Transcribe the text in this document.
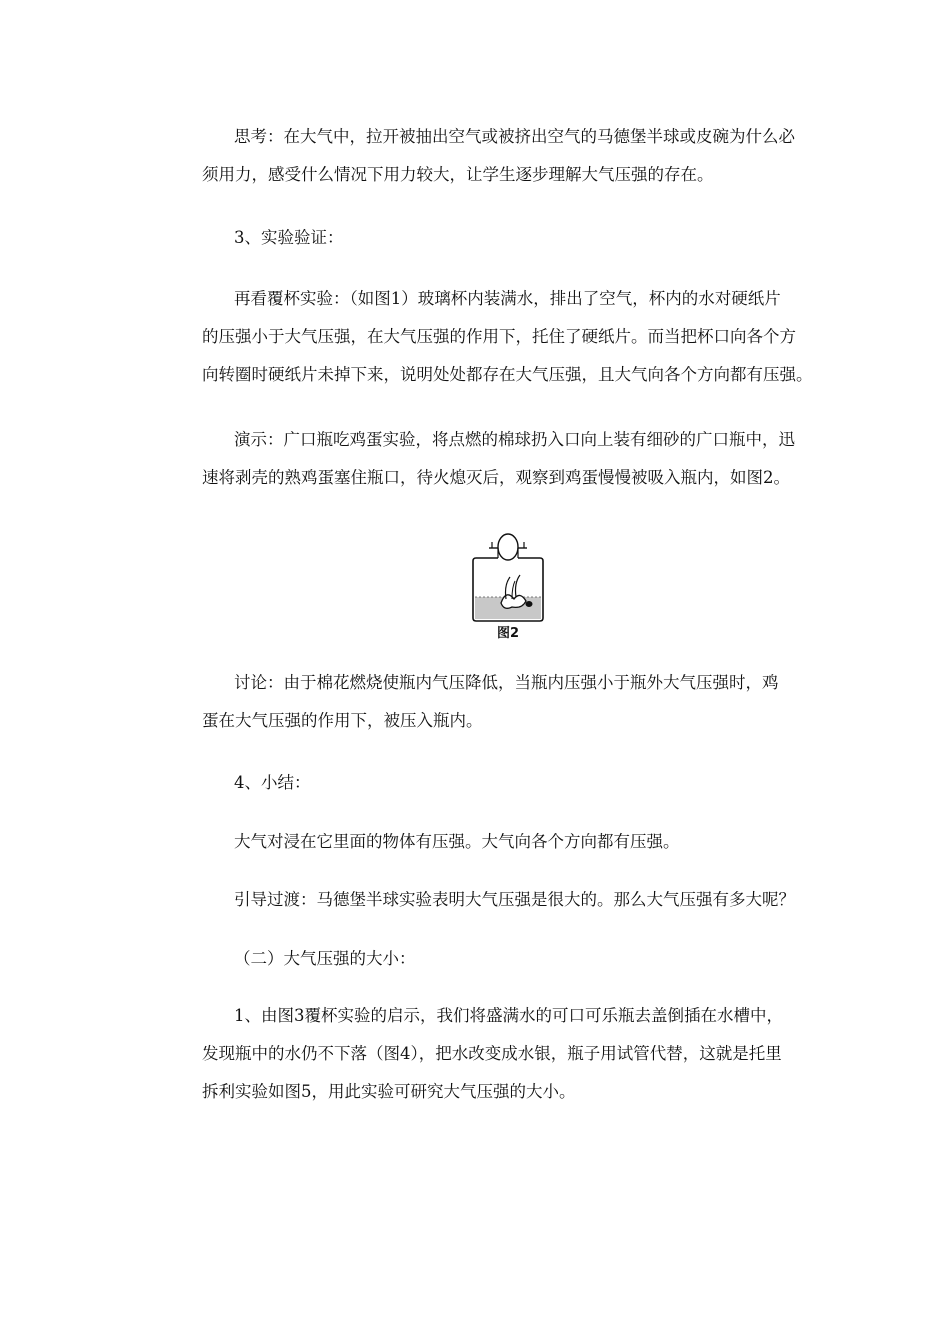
思考：在大气中，拉开被抽出空气或被挤出空气的马德堡半球或皮碗为什么必
须用力，感受什么情况下用力较大，让学生逐步理解大气压强的存在。

3、实验验证：

再看覆杯实验：（如图1）玻璃杯内装满水，排出了空气，杯内的水对硬纸片
的压强小于大气压强，在大气压强的作用下，托住了硬纸片。而当把杯口向各个方
向转圈时硬纸片未掉下来，说明处处都存在大气压强，且大气向各个方向都有压强。

演示：广口瓶吃鸡蛋实验，将点燃的棉球扔入口向上装有细砂的广口瓶中，迅
速将剥壳的熟鸡蛋塞住瓶口，待火熄灭后，观察到鸡蛋慢慢被吸入瓶内，如图2。

图2

讨论：由于棉花燃烧使瓶内气压降低，当瓶内压强小于瓶外大气压强时，鸡
蛋在大气压强的作用下，被压入瓶内。

4、小结：

大气对浸在它里面的物体有压强。大气向各个方向都有压强。

引导过渡：马德堡半球实验表明大气压强是很大的。那么大气压强有多大呢？

（二）大气压强的大小：

1、由图3覆杯实验的启示，我们将盛满水的可口可乐瓶去盖倒插在水槽中，
发现瓶中的水仍不下落（图4），把水改变成水银，瓶子用试管代替，这就是托里
拆利实验如图5，用此实验可研究大气压强的大小。
